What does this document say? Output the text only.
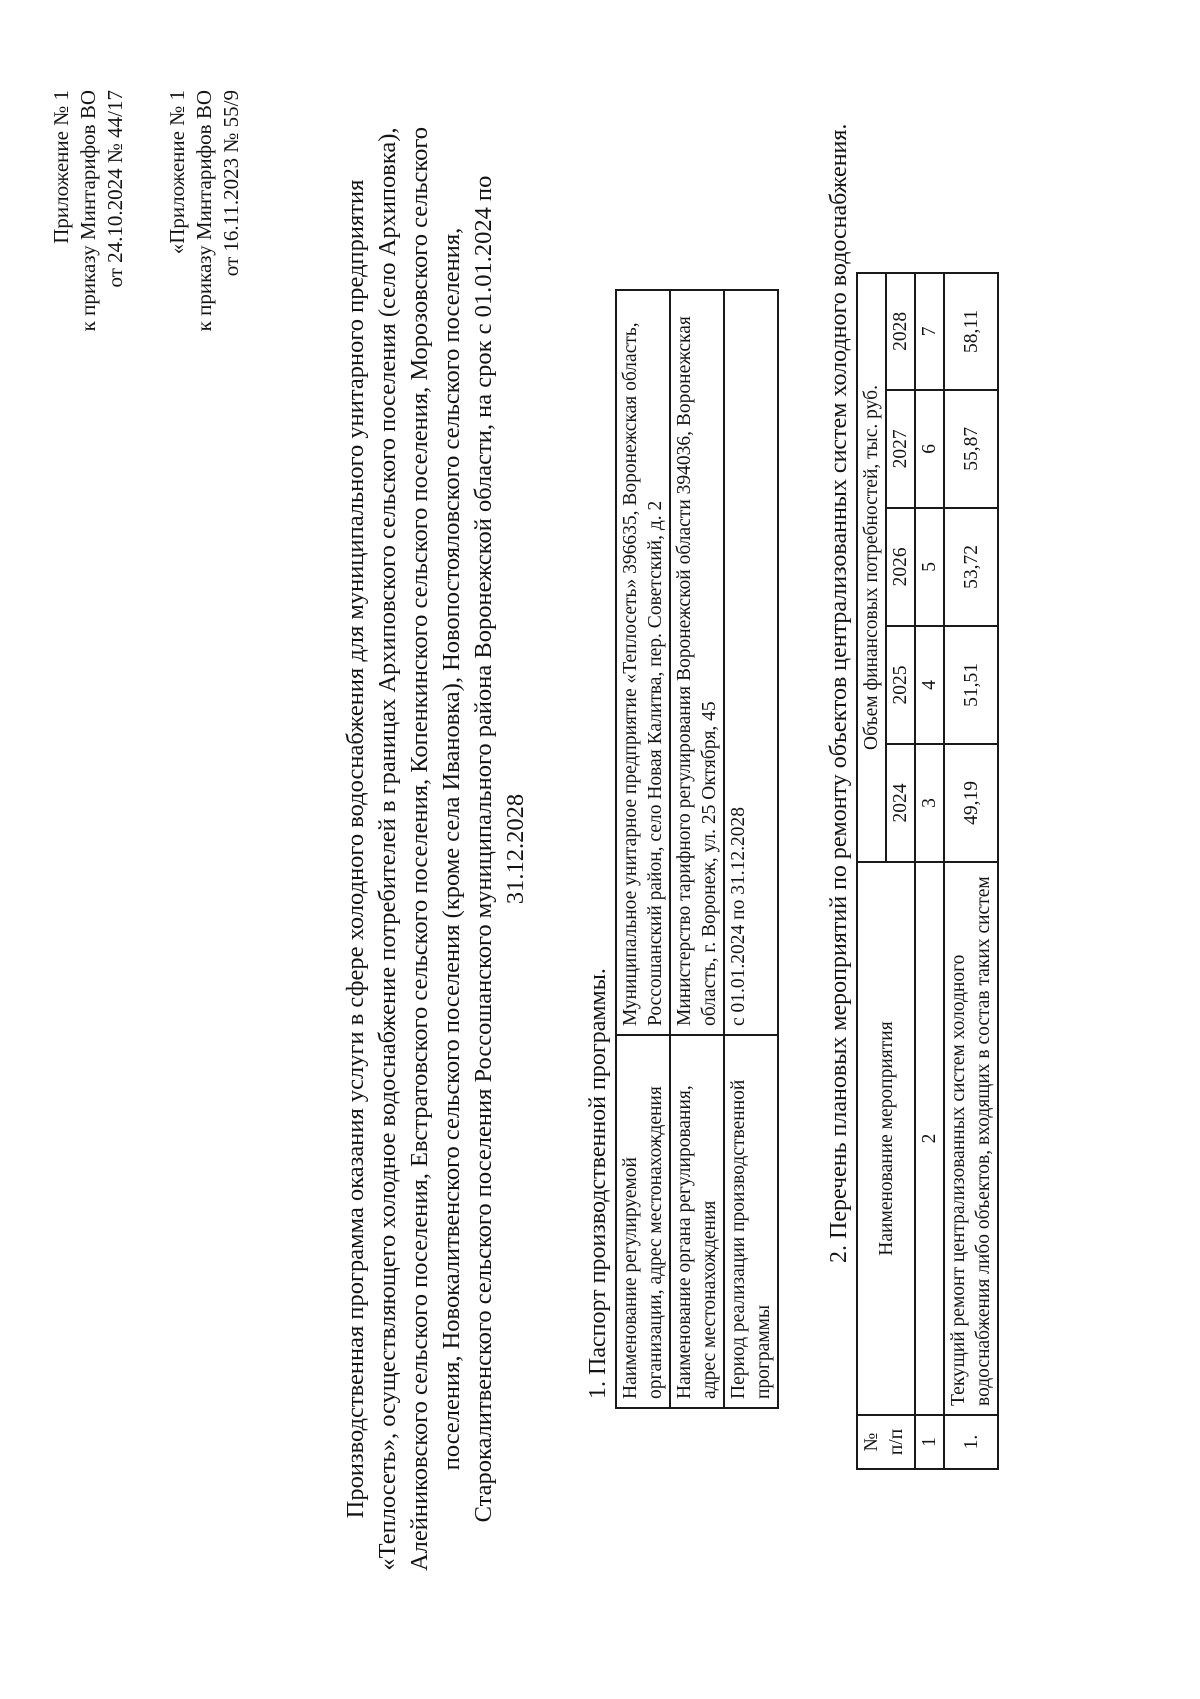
Приложение № 1 к приказу Минтарифов ВО от 24.10.2024 № 44/17 «Приложение № 1 к приказу Минтарифов ВО от 16.11.2023 № 55/9	Производственная программа оказания услуги в сфере холодного водоснабжения для муниципального унитарного предприятия «Теплосеть», осуществляющего холодное водоснабжение потребителей в границах Архиповского сельского поселения (село Архиповка), Алейниковского сельского поселения, Евстратовского сельского поселения, Копенкинского сельского поселения, Морозовского сельского поселения, Новокалитвенского сельского поселения (кроме села Ивановка), Новопостояловского сельского поселения, Старокалитвенского сельского поселения Россошанского муниципального района Воронежской области, на срок с 01.01.2024 по 31.12.2028

1. Паспорт производственной программы. Наименование регулируемой организации, адрес местонахождения	Муниципальное унитарное предприятие «Теплосеть» 396635, Воронежская область, Россошанский район, село Новая Калитва, пер. Советский, д. 2
Наименование органа регулирования, адрес местонахождения	Министерство тарифного регулирования Воронежской области 394036, Воронежская область, г. Воронеж, ул. 25 Октября, 45
Период реализации производственной программы	с 01.01.2024 по 31.12.2028	2. Перечень плановых мероприятий по ремонту объектов централизованных систем холодного водоснабжения.
№ п/п	Наименование мероприятия	Объем финансовых потребностей, тыс. руб.				
		2024	2025	2026	2027	2028
1	2	3	4	5	6	7
1.	Текущий ремонт централизованных систем холодного водоснабжения либо объектов, входящих в состав таких систем	49,19	51,51	53,72	55,87	58,11
